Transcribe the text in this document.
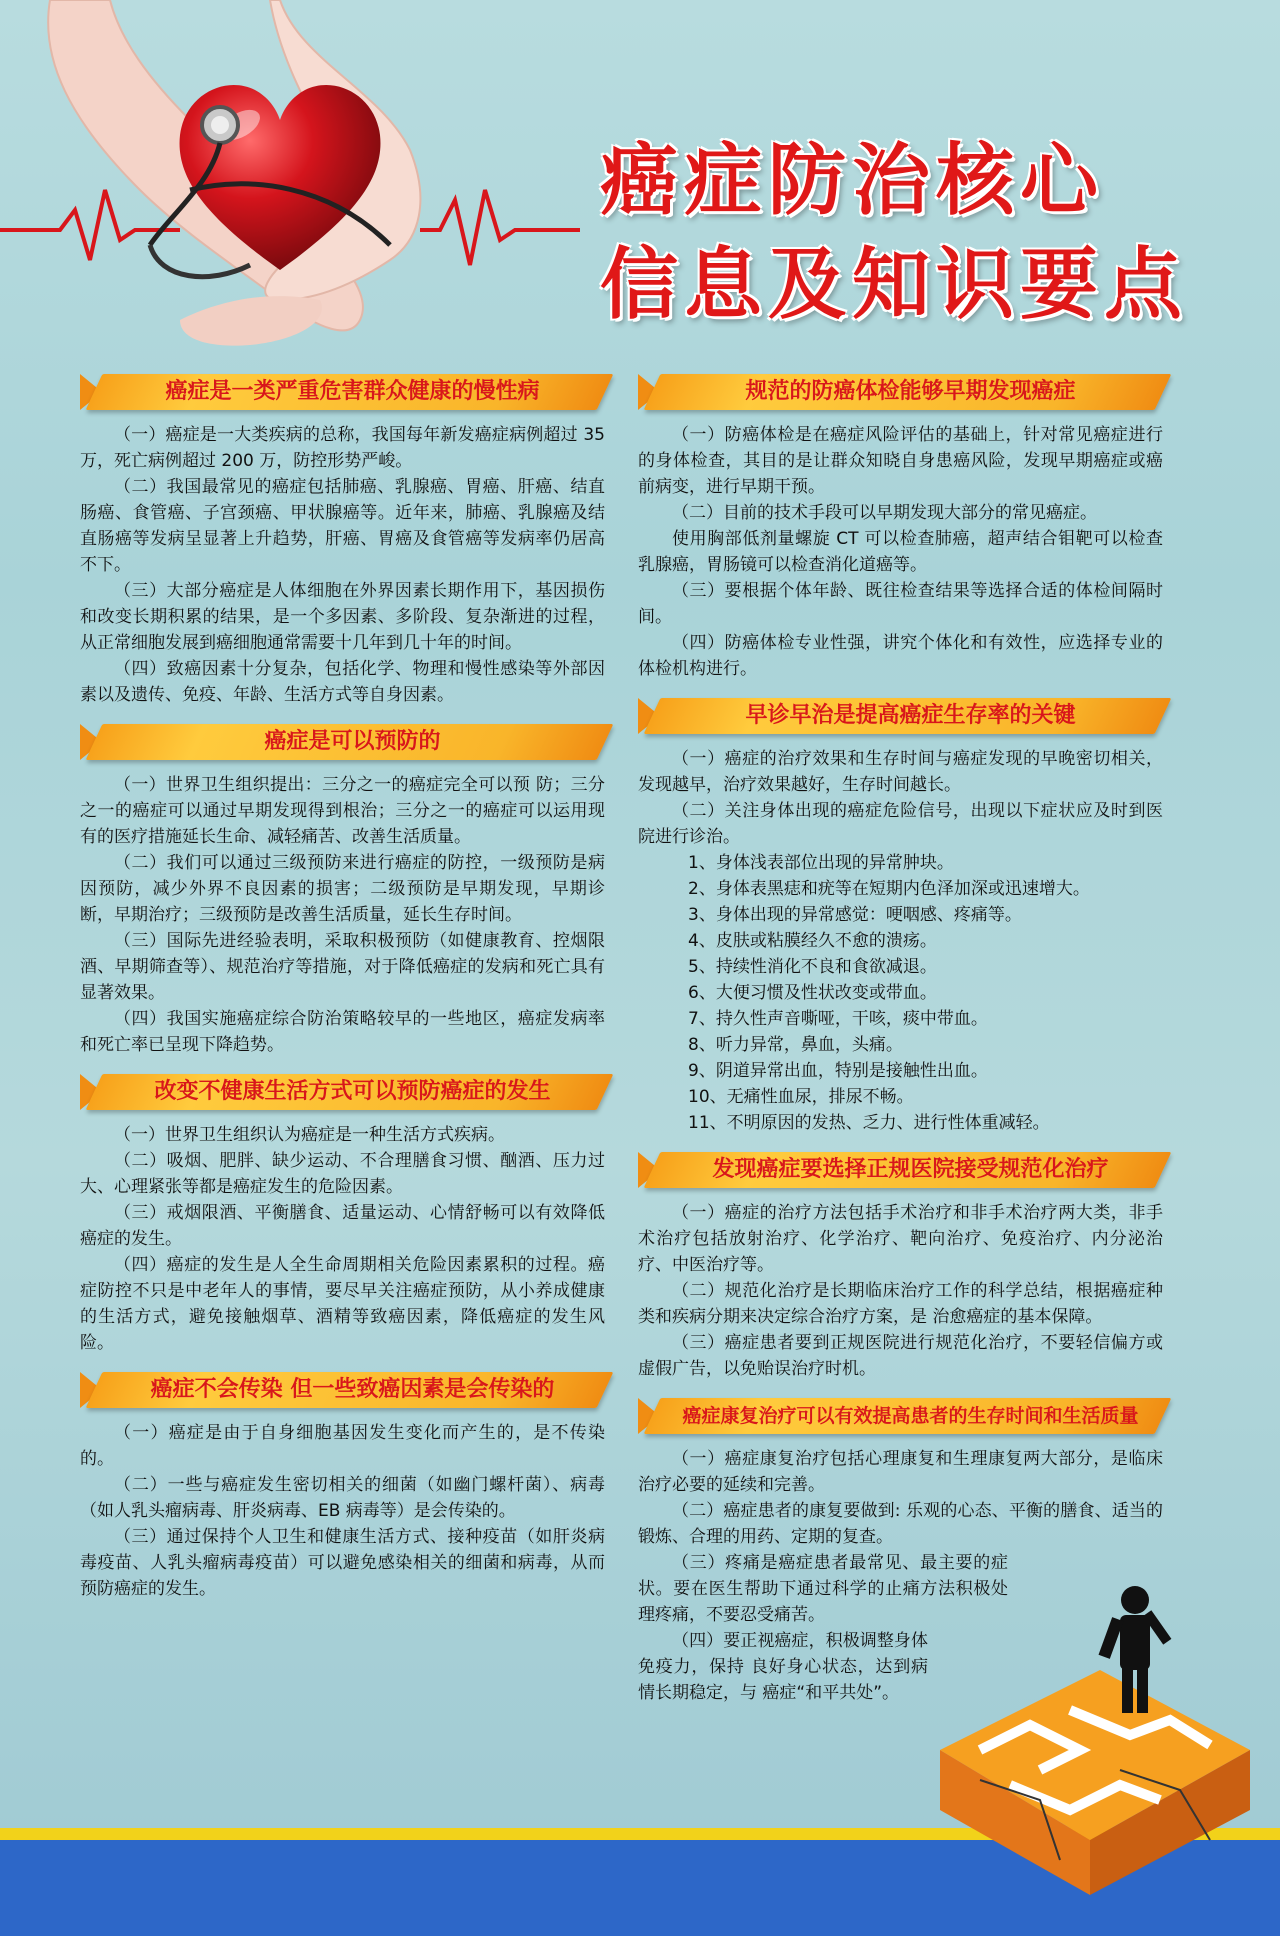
癌症防治核心
信息及知识要点
癌症是一类严重危害群众健康的慢性病

（一）癌症是一大类疾病的总称，我国每年新发癌症病例超过 35 万，死亡病例超过 200 万，防控形势严峻。

（二）我国最常见的癌症包括肺癌、乳腺癌、胃癌、肝癌、结直肠癌、食管癌、子宫颈癌、甲状腺癌等。近年来，肺癌、乳腺癌及结直肠癌等发病呈显著上升趋势，肝癌、胃癌及食管癌等发病率仍居高不下。

（三）大部分癌症是人体细胞在外界因素长期作用下，基因损伤和改变长期积累的结果，是一个多因素、多阶段、复杂渐进的过程，从正常细胞发展到癌细胞通常需要十几年到几十年的时间。

（四）致癌因素十分复杂，包括化学、物理和慢性感染等外部因素以及遗传、免疫、年龄、生活方式等自身因素。

癌症是可以预防的

（一）世界卫生组织提出：三分之一的癌症完全可以预 防；三分之一的癌症可以通过早期发现得到根治；三分之一的癌症可以运用现有的医疗措施延长生命、减轻痛苦、改善生活质量。

（二）我们可以通过三级预防来进行癌症的防控，一级预防是病因预防，减少外界不良因素的损害；二级预防是早期发现，早期诊断，早期治疗；三级预防是改善生活质量，延长生存时间。

（三）国际先进经验表明，采取积极预防（如健康教育、控烟限酒、早期筛查等）、规范治疗等措施，对于降低癌症的发病和死亡具有显著效果。

（四）我国实施癌症综合防治策略较早的一些地区，癌症发病率和死亡率已呈现下降趋势。

改变不健康生活方式可以预防癌症的发生

（一）世界卫生组织认为癌症是一种生活方式疾病。

（二）吸烟、肥胖、缺少运动、不合理膳食习惯、酗酒、压力过大、心理紧张等都是癌症发生的危险因素。

（三）戒烟限酒、平衡膳食、适量运动、心情舒畅可以有效降低癌症的发生。

（四）癌症的发生是人全生命周期相关危险因素累积的过程。癌症防控不只是中老年人的事情，要尽早关注癌症预防，从小养成健康的生活方式，避免接触烟草、酒精等致癌因素，降低癌症的发生风险。

癌症不会传染 但一些致癌因素是会传染的

（一）癌症是由于自身细胞基因发生变化而产生的，是不传染的。

（二）一些与癌症发生密切相关的细菌（如幽门螺杆菌）、病毒（如人乳头瘤病毒、肝炎病毒、EB 病毒等）是会传染的。

（三）通过保持个人卫生和健康生活方式、接种疫苗（如肝炎病毒疫苗、人乳头瘤病毒疫苗）可以避免感染相关的细菌和病毒，从而预防癌症的发生。

规范的防癌体检能够早期发现癌症

（一）防癌体检是在癌症风险评估的基础上，针对常见癌症进行的身体检查，其目的是让群众知晓自身患癌风险，发现早期癌症或癌前病变，进行早期干预。

（二）目前的技术手段可以早期发现大部分的常见癌症。

使用胸部低剂量螺旋 CT 可以检查肺癌，超声结合钼靶可以检查乳腺癌，胃肠镜可以检查消化道癌等。

（三）要根据个体年龄、既往检查结果等选择合适的体检间隔时间。

（四）防癌体检专业性强，讲究个体化和有效性，应选择专业的体检机构进行。

早诊早治是提高癌症生存率的关键

（一）癌症的治疗效果和生存时间与癌症发现的早晚密切相关，发现越早，治疗效果越好，生存时间越长。

（二）关注身体出现的癌症危险信号，出现以下症状应及时到医院进行诊治。

1、身体浅表部位出现的异常肿块。
2、身体表黑痣和疣等在短期内色泽加深或迅速增大。
3、身体出现的异常感觉：哽咽感、疼痛等。
4、皮肤或粘膜经久不愈的溃疡。
5、持续性消化不良和食欲减退。
6、大便习惯及性状改变或带血。
7、持久性声音嘶哑，干咳，痰中带血。
8、听力异常，鼻血，头痛。
9、阴道异常出血，特别是接触性出血。
10、无痛性血尿，排尿不畅。
11、不明原因的发热、乏力、进行性体重减轻。
发现癌症要选择正规医院接受规范化治疗

（一）癌症的治疗方法包括手术治疗和非手术治疗两大类，非手术治疗包括放射治疗、化学治疗、靶向治疗、免疫治疗、内分泌治疗、中医治疗等。

（二）规范化治疗是长期临床治疗工作的科学总结，根据癌症种类和疾病分期来决定综合治疗方案，是 治愈癌症的基本保障。

（三）癌症患者要到正规医院进行规范化治疗，不要轻信偏方或虚假广告，以免贻误治疗时机。

癌症康复治疗可以有效提高患者的生存时间和生活质量

（一）癌症康复治疗包括心理康复和生理康复两大部分，是临床治疗必要的延续和完善。

（二）癌症患者的康复要做到: 乐观的心态、平衡的膳食、适当的锻炼、合理的用药、定期的复查。

（三）疼痛是癌症患者最常见、最主要的症状。要在医生帮助下通过科学的止痛方法积极处理疼痛，不要忍受痛苦。

（四）要正视癌症，积极调整身体免疫力，保持 良好身心状态，达到病情长期稳定，与 癌症“和平共处”。
